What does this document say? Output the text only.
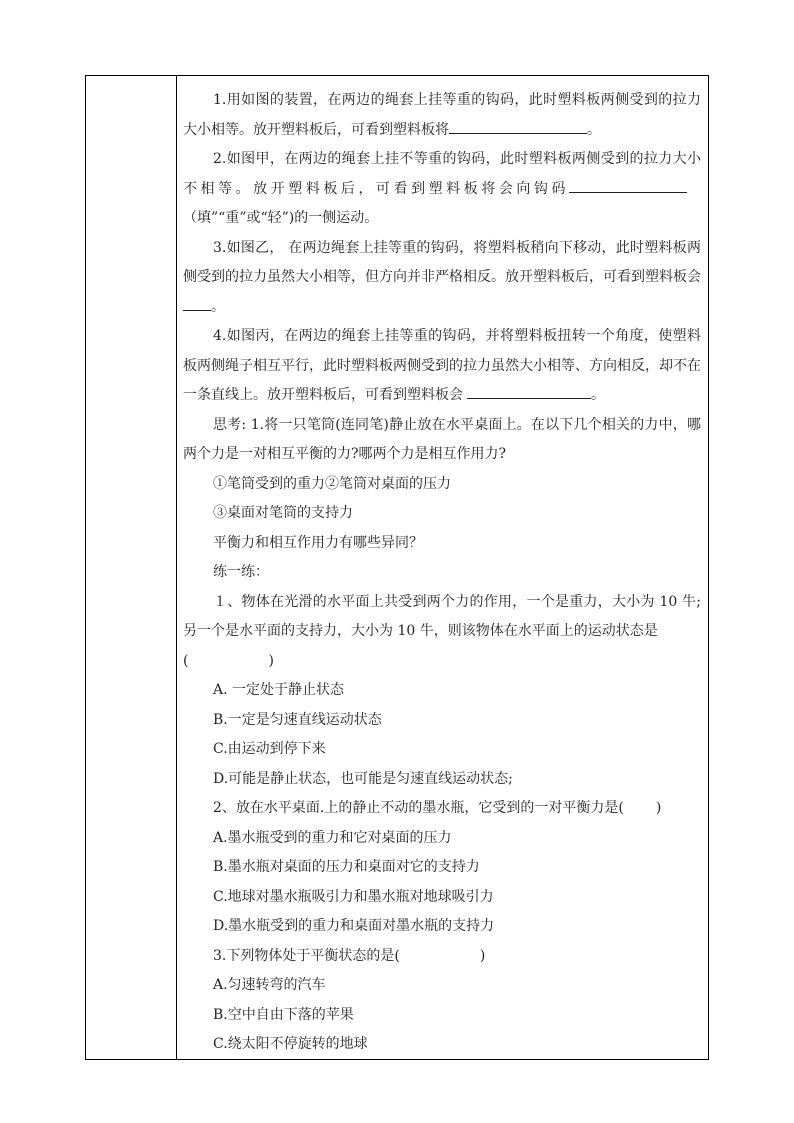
1.用如图的装置，在两边的绳套上挂等重的钩码，此时塑料板两侧受到的拉力大小相等。放开塑料板后，可看到塑料板将	。

2.如图甲，在两边的绳套上挂不等重的钩码，此时塑料板两侧受到的拉力大小不相等。放开塑料板后，可看到塑料板将会向钩码（填”“重”或“轻”)的一侧运动。

3.如图乙， 在两边绳套上挂等重的钩码，将塑料板稍向下移动，此时塑料板两侧受到的拉力虽然大小相等，但方向并非严格相反。放开塑料板后，可看到塑料板会。

4.如图丙，在两边的绳套上挂等重的钩码，并将塑料板扭转一个角度，使塑料板两侧绳子相互平行，此时塑料板两侧受到的拉力虽然大小相等、方向相反，却不在一条直线上。放开塑料板后，可看到塑料板会	。

思考: 1.将一只笔筒(连同笔)静止放在水平桌面上。在以下几个相关的力中，哪两个力是一对相互平衡的力?哪两个力是相互作用力?

①笔筒受到的重力②笔筒对桌面的压力

③桌面对笔筒的支持力

平衡力和相互作用力有哪些异同？

练一练：

１、物体在光滑的水平面上共受到两个力的作用，一个是重力，大小为 10 牛;另一个是水平面的支持力，大小为 10 牛，则该物体在水平面上的运动状态是
(	)

A. 一定处于静止状态

B.一定是匀速直线运动状态

C.由运动到停下来

D.可能是静止状态，也可能是匀速直线运动状态;

2、放在水平桌面.上的静止不动的墨水瓶，它受到的一对平衡力是( )

A.墨水瓶受到的重力和它对桌面的压力

B.墨水瓶对桌面的压力和桌面对它的支持力

C.地球对墨水瓶吸引力和墨水瓶对地球吸引力

D.墨水瓶受到的重力和桌面对墨水瓶的支持力

3.下列物体处于平衡状态的是(	)

A.匀速转弯的汽车

B.空中自由下落的苹果

C.绕太阳不停旋转的地球
